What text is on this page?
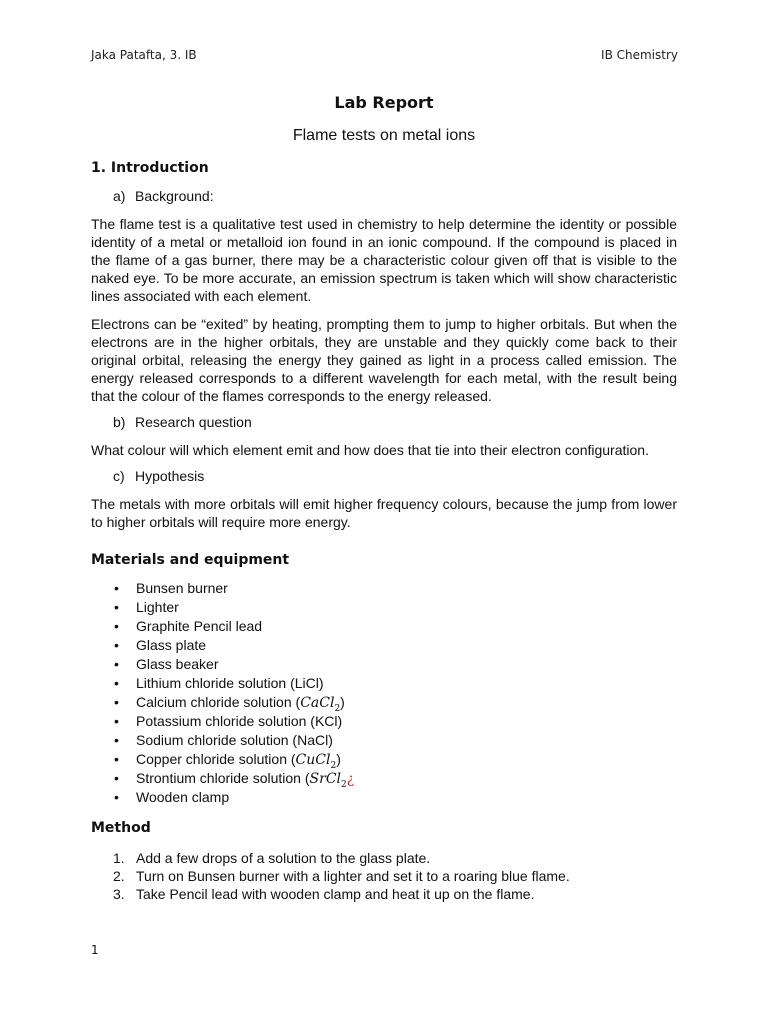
Jaka Patafta, 3. IB	IB Chemistry
Lab Report
Flame tests on metal ions
1. Introduction
a) Background:

The flame test is a qualitative test used in chemistry to help determine the identity or possible identity of a metal or metalloid ion found in an ionic compound. If the compound is placed in the flame of a gas burner, there may be a characteristic colour given off that is visible to the naked eye. To be more accurate, an emission spectrum is taken which will show characteristic lines associated with each element.

Electrons can be “exited” by heating, prompting them to jump to higher orbitals. But when the electrons are in the higher orbitals, they are unstable and they quickly come back to their original orbital, releasing the energy they gained as light in a process called emission. The energy released corresponds to a different wavelength for each metal, with the result being that the colour of the flames corresponds to the energy released.

b) Research question

What colour will which element emit and how does that tie into their electron configuration.

c) Hypothesis

The metals with more orbitals will emit higher frequency colours, because the jump from lower to higher orbitals will require more energy.

Materials and equipment
• Bunsen burner
• Lighter
• Graphite Pencil lead
• Glass plate
• Glass beaker
• Lithium chloride solution (LiCl)
• Calcium chloride solution (CaCl$_2$)
• Potassium chloride solution (KCl)
• Sodium chloride solution (NaCl)
• Copper chloride solution (CuCl$_2$)
• Strontium chloride solution (SrCl$_2$¿
• Wooden clamp
Method
1. Add a few drops of a solution to the glass plate.
2. Turn on Bunsen burner with a lighter and set it to a roaring blue flame.
3. Take Pencil lead with wooden clamp and heat it up on the flame.
1
